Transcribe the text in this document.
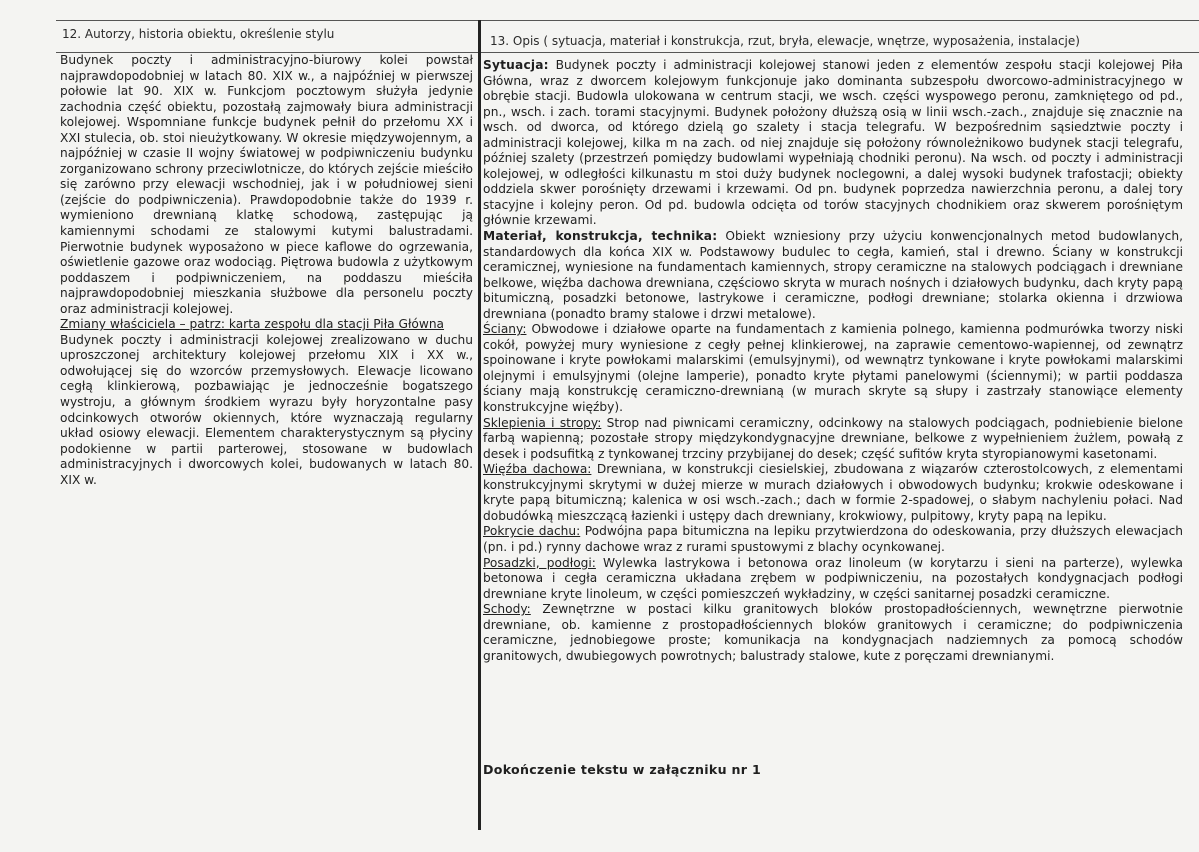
12. Autorzy, historia obiektu, określenie stylu	13. Opis ( sytuacja, materiał i konstrukcja, rzut, bryła, elewacje, wnętrze, wyposażenia, instalacje)

Budynek poczty i administracyjno-biurowy kolei powstał najprawdopodobniej w latach 80. XIX w., a najpóźniej w pierwszej połowie lat 90. XIX w. Funkcjom pocztowym służyła jedynie zachodnia część obiektu, pozostałą zajmowały biura administracji kolejowej. Wspomniane funkcje budynek pełnił do przełomu XX i XXI stulecia, ob. stoi nieużytkowany. W okresie międzywojennym, a najpóźniej w czasie II wojny światowej w podpiwniczeniu budynku zorganizowano schrony przeciwlotnicze, do których zejście mieściło się zarówno przy elewacji wschodniej, jak i w południowej sieni (zejście do podpiwniczenia). Prawdopodobnie także do 1939 r. wymieniono drewnianą klatkę schodową, zastępując ją kamiennymi schodami ze stalowymi kutymi balustradami. Pierwotnie budynek wyposażono w piece kaflowe do ogrzewania, oświetlenie gazowe oraz wodociąg. Piętrowa budowla z użytkowym poddaszem i podpiwniczeniem, na poddaszu mieściła najprawdopodobniej mieszkania służbowe dla personelu poczty oraz administracji kolejowej.

Zmiany właściciela – patrz: karta zespołu dla stacji Piła Główna

Budynek poczty i administracji kolejowej zrealizowano w duchu uproszczonej architektury kolejowej przełomu XIX i XX w., odwołującej się do wzorców przemysłowych. Elewacje licowano cegłą klinkierową, pozbawiając je jednocześnie bogatszego wystroju, a głównym środkiem wyrazu były horyzontalne pasy odcinkowych otworów okiennych, które wyznaczają regularny układ osiowy elewacji. Elementem charakterystycznym są płyciny podokienne w partii parterowej, stosowane w budowlach administracyjnych i dworcowych kolei, budowanych w latach 80. XIX w.

Sytuacja: Budynek poczty i administracji kolejowej stanowi jeden z elementów zespołu stacji kolejowej Piła Główna, wraz z dworcem kolejowym funkcjonuje jako dominanta subzespołu dworcowo-administracyjnego w obrębie stacji. Budowla ulokowana w centrum stacji, we wsch. części wyspowego peronu, zamkniętego od pd., pn., wsch. i zach. torami stacyjnymi. Budynek położony dłuższą osią w linii wsch.-zach., znajduje się znacznie na wsch. od dworca, od którego dzielą go szalety i stacja telegrafu. W bezpośrednim sąsiedztwie poczty i administracji kolejowej, kilka m na zach. od niej znajduje się położony równoleżnikowo budynek stacji telegrafu, później szalety (przestrzeń pomiędzy budowlami wypełniają chodniki peronu). Na wsch. od poczty i administracji kolejowej, w odległości kilkunastu m stoi duży budynek noclegowni, a dalej wysoki budynek trafostacji; obiekty oddziela skwer porośnięty drzewami i krzewami. Od pn. budynek poprzedza nawierzchnia peronu, a dalej tory stacyjne i kolejny peron. Od pd. budowla odcięta od torów stacyjnych chodnikiem oraz skwerem porośniętym głównie krzewami.

Materiał, konstrukcja, technika: Obiekt wzniesiony przy użyciu konwencjonalnych metod budowlanych, standardowych dla końca XIX w. Podstawowy budulec to cegła, kamień, stal i drewno. Ściany w konstrukcji ceramicznej, wyniesione na fundamentach kamiennych, stropy ceramiczne na stalowych podciągach i drewniane belkowe, więźba dachowa drewniana, częściowo skryta w murach nośnych i działowych budynku, dach kryty papą bitumiczną, posadzki betonowe, lastrykowe i ceramiczne, podłogi drewniane; stolarka okienna i drzwiowa drewniana (ponadto bramy stalowe i drzwi metalowe).

Ściany: Obwodowe i działowe oparte na fundamentach z kamienia polnego, kamienna podmurówka tworzy niski cokół, powyżej mury wyniesione z cegły pełnej klinkierowej, na zaprawie cementowo-wapiennej, od zewnątrz spoinowane i kryte powłokami malarskimi (emulsyjnymi), od wewnątrz tynkowane i kryte powłokami malarskimi olejnymi i emulsyjnymi (olejne lamperie), ponadto kryte płytami panelowymi (ściennymi); w partii poddasza ściany mają konstrukcję ceramiczno-drewnianą (w murach skryte są słupy i zastrzały stanowiące elementy konstrukcyjne więźby).

Sklepienia i stropy: Strop nad piwnicami ceramiczny, odcinkowy na stalowych podciągach, podniebienie bielone farbą wapienną; pozostałe stropy międzykondygnacyjne drewniane, belkowe z wypełnieniem żużlem, powałą z desek i podsufitką z tynkowanej trzciny przybijanej do desek; część sufitów kryta styropianowymi kasetonami.

Więźba dachowa: Drewniana, w konstrukcji ciesielskiej, zbudowana z wiązarów czterostolcowych, z elementami konstrukcyjnymi skrytymi w dużej mierze w murach działowych i obwodowych budynku; krokwie odeskowane i kryte papą bitumiczną; kalenica w osi wsch.-zach.; dach w formie 2-spadowej, o słabym nachyleniu połaci. Nad dobudówką mieszczącą łazienki i ustępy dach drewniany, krokwiowy, pulpitowy, kryty papą na lepiku.

Pokrycie dachu: Podwójna papa bitumiczna na lepiku przytwierdzona do odeskowania, przy dłuższych elewacjach (pn. i pd.) rynny dachowe wraz z rurami spustowymi z blachy ocynkowanej.

Posadzki, podłogi: Wylewka lastrykowa i betonowa oraz linoleum (w korytarzu i sieni na parterze), wylewka betonowa i cegła ceramiczna układana zrębem w podpiwniczeniu, na pozostałych kondygnacjach podłogi drewniane kryte linoleum, w części pomieszczeń wykładziny, w części sanitarnej posadzki ceramiczne.

Schody: Zewnętrzne w postaci kilku granitowych bloków prostopadłościennych, wewnętrzne pierwotnie drewniane, ob. kamienne z prostopadłościennych bloków granitowych i ceramiczne; do podpiwniczenia ceramiczne, jednobiegowe proste; komunikacja na kondygnacjach nadziemnych za pomocą schodów granitowych, dwubiegowych powrotnych; balustrady stalowe, kute z poręczami drewnianymi.

Dokończenie tekstu w załączniku nr 1
